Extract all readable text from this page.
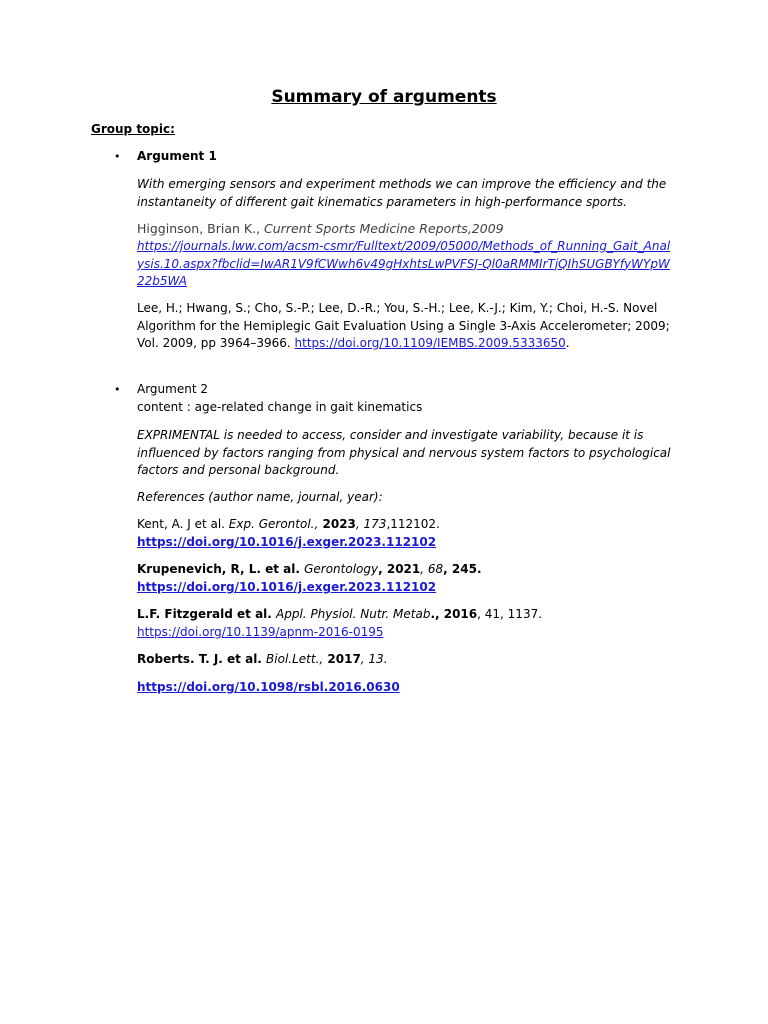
Summary of arguments
Group topic:
• Argument 1

With emerging sensors and experiment methods we can improve the efficiency and the instantaneity of different gait kinematics parameters in high-performance sports.

Higginson, Brian K., Current Sports Medicine Reports,2009
https://journals.lww.com/acsm-csmr/Fulltext/2009/05000/Methods_of_Running_Gait_Analysis.10.aspx?fbclid=IwAR1V9fCWwh6v49gHxhtsLwPVFSJ-Ql0aRMMIrTjQIhSUGBYfyWYpW22b5WA

Lee, H.; Hwang, S.; Cho, S.-P.; Lee, D.-R.; You, S.-H.; Lee, K.-J.; Kim, Y.; Choi, H.-S. Novel Algorithm for the Hemiplegic Gait Evaluation Using a Single 3-Axis Accelerometer; 2009; Vol. 2009, pp 3964–3966. https://doi.org/10.1109/IEMBS.2009.5333650.

• Argument 2
content : age-related change in gait kinematics

EXPRIMENTAL is needed to access, consider and investigate variability, because it is influenced by factors ranging from physical and nervous system factors to psychological factors and personal background.

References (author name, journal, year):
Kent, A. J et al. Exp. Gerontol., 2023, 173,112102.
https://doi.org/10.1016/j.exger.2023.112102
Krupenevich, R, L. et al. Gerontology, 2021, 68, 245.
https://doi.org/10.1016/j.exger.2023.112102
L.F. Fitzgerald et al. Appl. Physiol. Nutr. Metab., 2016, 41, 1137.
https://doi.org/10.1139/apnm-2016-0195
Roberts. T. J. et al. Biol.Lett., 2017, 13.
https://doi.org/10.1098/rsbl.2016.0630
